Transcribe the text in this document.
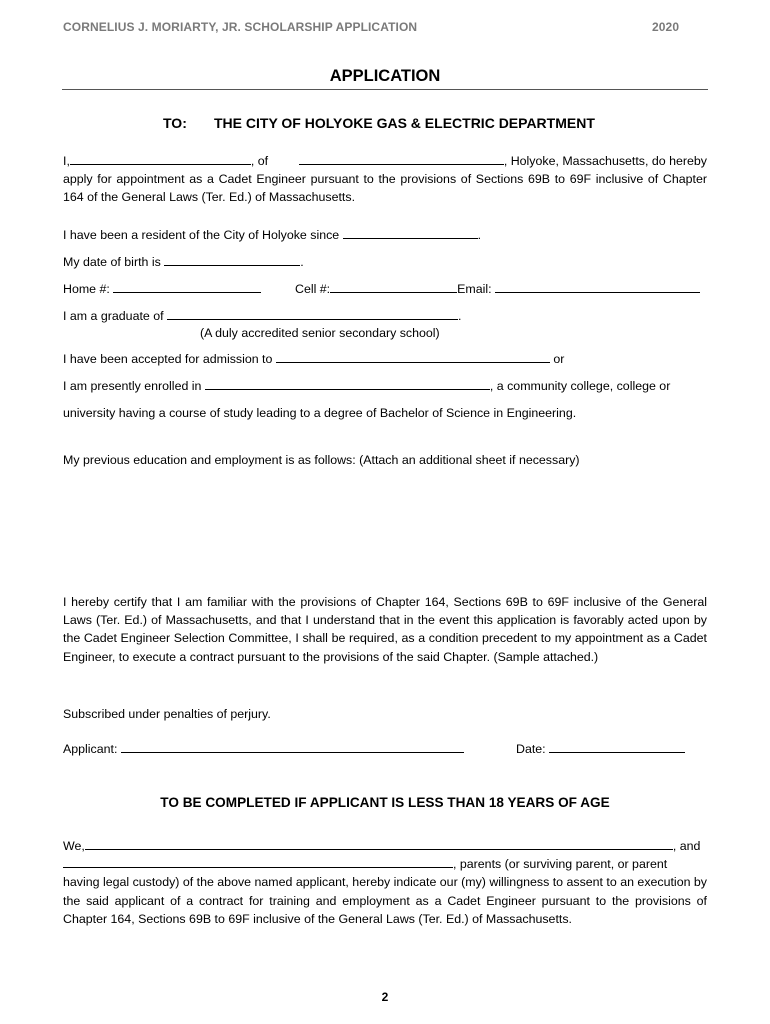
CORNELIUS J. MORIARTY, JR. SCHOLARSHIP APPLICATION	2020
APPLICATION
TO: THE CITY OF HOLYOKE GAS & ELECTRIC DEPARTMENT
I,	, of	, Holyoke, Massachusetts, do hereby
apply for appointment as a Cadet Engineer pursuant to the provisions of Sections 69B to 69F inclusive of Chapter 164 of the General Laws (Ter. Ed.) of Massachusetts.
I have been a resident of the City of Holyoke since	.
My date of birth is	.
Home #:	Cell #:	Email:
I am a graduate of	.
(A duly accredited senior secondary school)
I have been accepted for admission to	or
I am presently enrolled in	, a community college, college or
university having a course of study leading to a degree of Bachelor of Science in Engineering.
My previous education and employment is as follows: (Attach an additional sheet if necessary)
I hereby certify that I am familiar with the provisions of Chapter 164, Sections 69B to 69F inclusive of the General Laws (Ter. Ed.) of Massachusetts, and that I understand that in the event this application is favorably acted upon by the Cadet Engineer Selection Committee, I shall be required, as a condition precedent to my appointment as a Cadet Engineer, to execute a contract pursuant to the provisions of the said Chapter. (Sample attached.)
Subscribed under penalties of perjury.
Applicant:	Date:
TO BE COMPLETED IF APPLICANT IS LESS THAN 18 YEARS OF AGE
We,	, and
, parents (or surviving parent, or parent
having legal custody) of the above named applicant, hereby indicate our (my) willingness to assent to an execution by the said applicant of a contract for training and employment as a Cadet Engineer pursuant to the provisions of Chapter 164, Sections 69B to 69F inclusive of the General Laws (Ter. Ed.) of Massachusetts.
2
